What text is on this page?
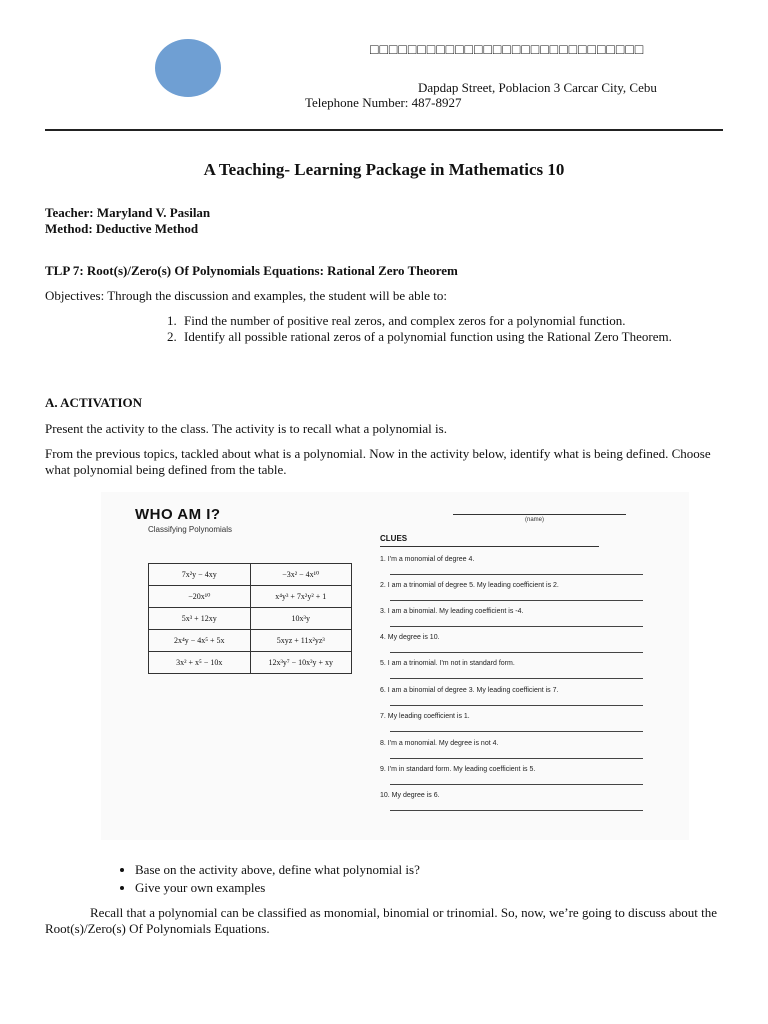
□□□□□□□□□□□□□□□□□□□□□□□□□□□□□
Dapdap Street, Poblacion 3 Carcar City, Cebu
Telephone Number: 487-8927
A Teaching- Learning Package in Mathematics 10
Teacher: Maryland V. Pasilan
Method: Deductive Method
TLP 7: Root(s)/Zero(s) Of Polynomials Equations: Rational Zero Theorem
Objectives: Through the discussion and examples, the student will be able to:
1. Find the number of positive real zeros, and complex zeros for a polynomial function.
2. Identify all possible rational zeros of a polynomial function using the Rational Zero Theorem.
A. ACTIVATION
Present the activity to the class. The activity is to recall what a polynomial is.
From the previous topics, tackled about what is a polynomial. Now in the activity below, identify what is being defined. Choose what polynomial being defined from the table.
WHO AM I?
Classifying Polynomials
(name)
CLUES
7x²y − 4xy	−3x² − 4x¹⁰
−20x¹⁰	x⁴y³ + 7x²y² + 1
5x³ + 12xy	10x³y
2x⁴y − 4x⁵ + 5x	5xyz + 11x²yz³
3x² + x⁵ − 10x	12x³y⁷ − 10x²y + xy
1. I'm a monomial of degree 4.
2. I am a trinomial of degree 5. My leading coefficient is 2.
3. I am a binomial. My leading coefficient is -4.
4. My degree is 10.
5. I am a trinomial. I'm not in standard form.
6. I am a binomial of degree 3. My leading coefficient is 7.
7. My leading coefficient is 1.
8. I'm a monomial. My degree is not 4.
9. I'm in standard form. My leading coefficient is 5.
10. My degree is 6.
• Base on the activity above, define what polynomial is?
• Give your own examples
Recall that a polynomial can be classified as monomial, binomial or trinomial. So, now, we’re going to discuss about the Root(s)/Zero(s) Of Polynomials Equations.
